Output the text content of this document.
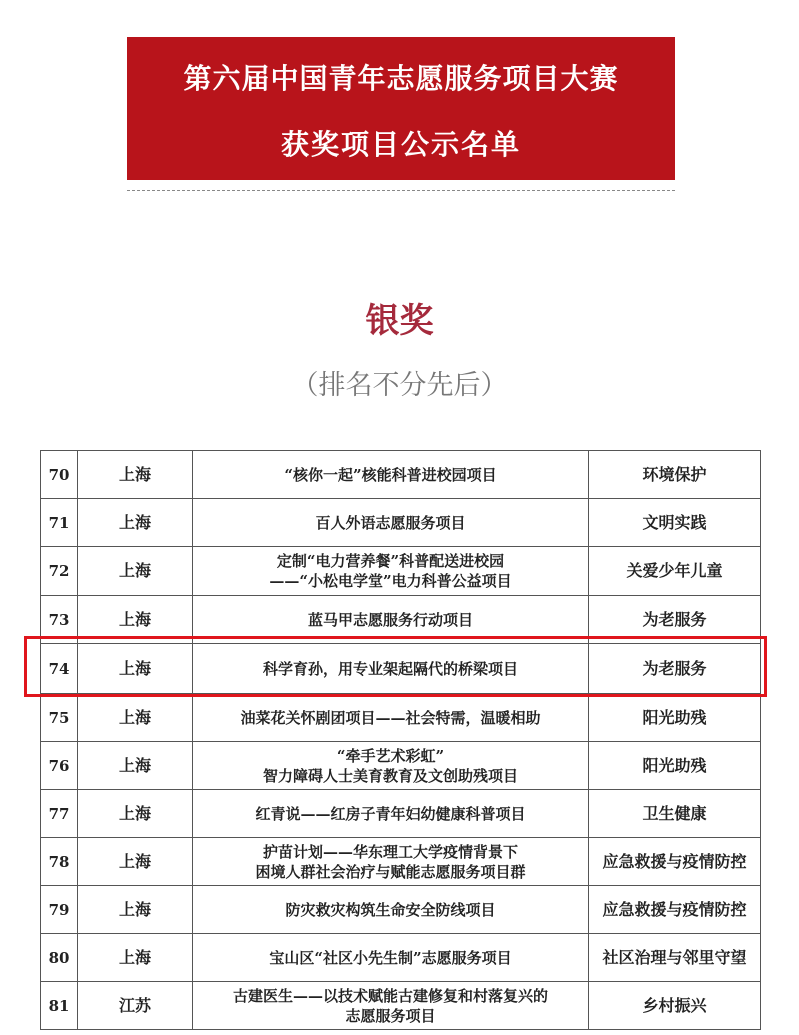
第六届中国青年志愿服务项目大赛
获奖项目公示名单
银奖
（排名不分先后）
70	上海	“核你一起”核能科普进校园项目	环境保护
71	上海	百人外语志愿服务项目	文明实践
72	上海	定制“电力营养餐”科普配送进校园
——“小松电学堂”电力科普公益项目	关爱少年儿童
73	上海	蓝马甲志愿服务行动项目	为老服务
74	上海	科学育孙，用专业架起隔代的桥梁项目	为老服务
75	上海	油菜花关怀剧团项目——社会特需，温暖相助	阳光助残
76	上海	“牵手艺术彩虹”
智力障碍人士美育教育及文创助残项目	阳光助残
77	上海	红青说——红房子青年妇幼健康科普项目	卫生健康
78	上海	护苗计划——华东理工大学疫情背景下
困境人群社会治疗与赋能志愿服务项目群	应急救援与疫情防控
79	上海	防灾救灾构筑生命安全防线项目	应急救援与疫情防控
80	上海	宝山区“社区小先生制”志愿服务项目	社区治理与邻里守望
81	江苏	古建医生——以技术赋能古建修复和村落复兴的
志愿服务项目	乡村振兴
